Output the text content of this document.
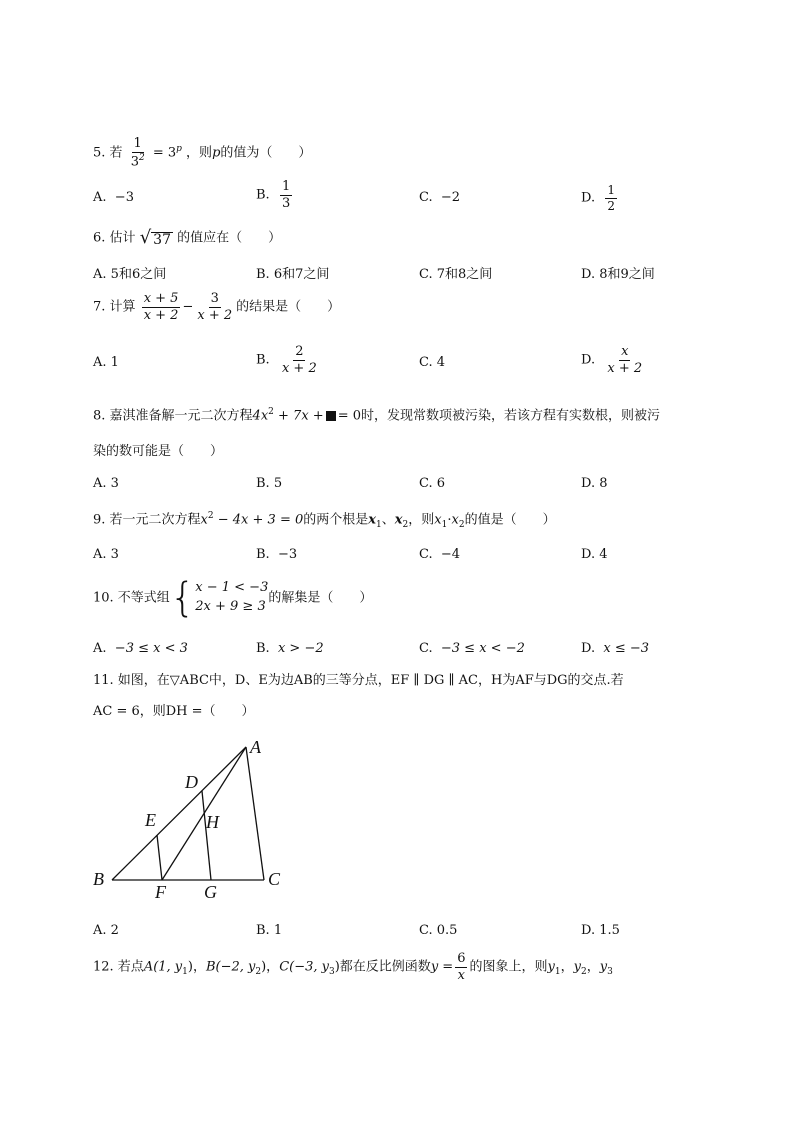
5. 若 $\frac{1}{3^2} = 3^p$ ，则p的值为（　　）
A. −3	B. $\frac{1}{3}$	C. −2	D. $\frac{1}{2}$
6. 估计 √ 37 的值应在（　　）
A. 5和6之间	B. 6和7之间	C. 7和8之间	D. 8和9之间
7. 计算 $\frac{x + 5}{x + 2} - \frac{3}{x + 2}$ 的结果是（　　）
A. 1	B. $\frac{2}{x + 2}$	C. 4	D. $\frac{x}{x + 2}$
8. 嘉淇准备解一元二次方程$4x^2 + 7x$ + = 0时，发现常数项被污染，若该方程有实数根，则被污
染的数可能是（　　）
A. 3	B. 5	C. 6	D. 8
9. 若一元二次方程$x^2 - 4x + 3 = 0$的两个根是$x_1$、$x_2$，则$x_1\cdot x_2$的值是（　　）
A. 3	B. −3	C. −4	D. 4
10. 不等式组 { x − 1 < −3
2x + 9 ≥ 3
的解集是（　　）
A. −3 ≤ x < 3	B. x > −2	C. −3 ≤ x < −2	D. x ≤ −3
11. 如图，在▽ABC中，D、E为边AB的三等分点，EF ∥ DG ∥ AC，H为AF与DG的交点.若
AC = 6，则DH =（　　）
A
D
E	H
B
F G
C
A. 2	B. 1	C. 0.5	D. 1.5
12. 若点A(1, $y_1$)，B(−2, $y_2$)，C(−3, $y_3$)都在反比例函数$y = \frac{6}{x}$ 的图象上，则$y_1$，$y_2$，$y_3$
